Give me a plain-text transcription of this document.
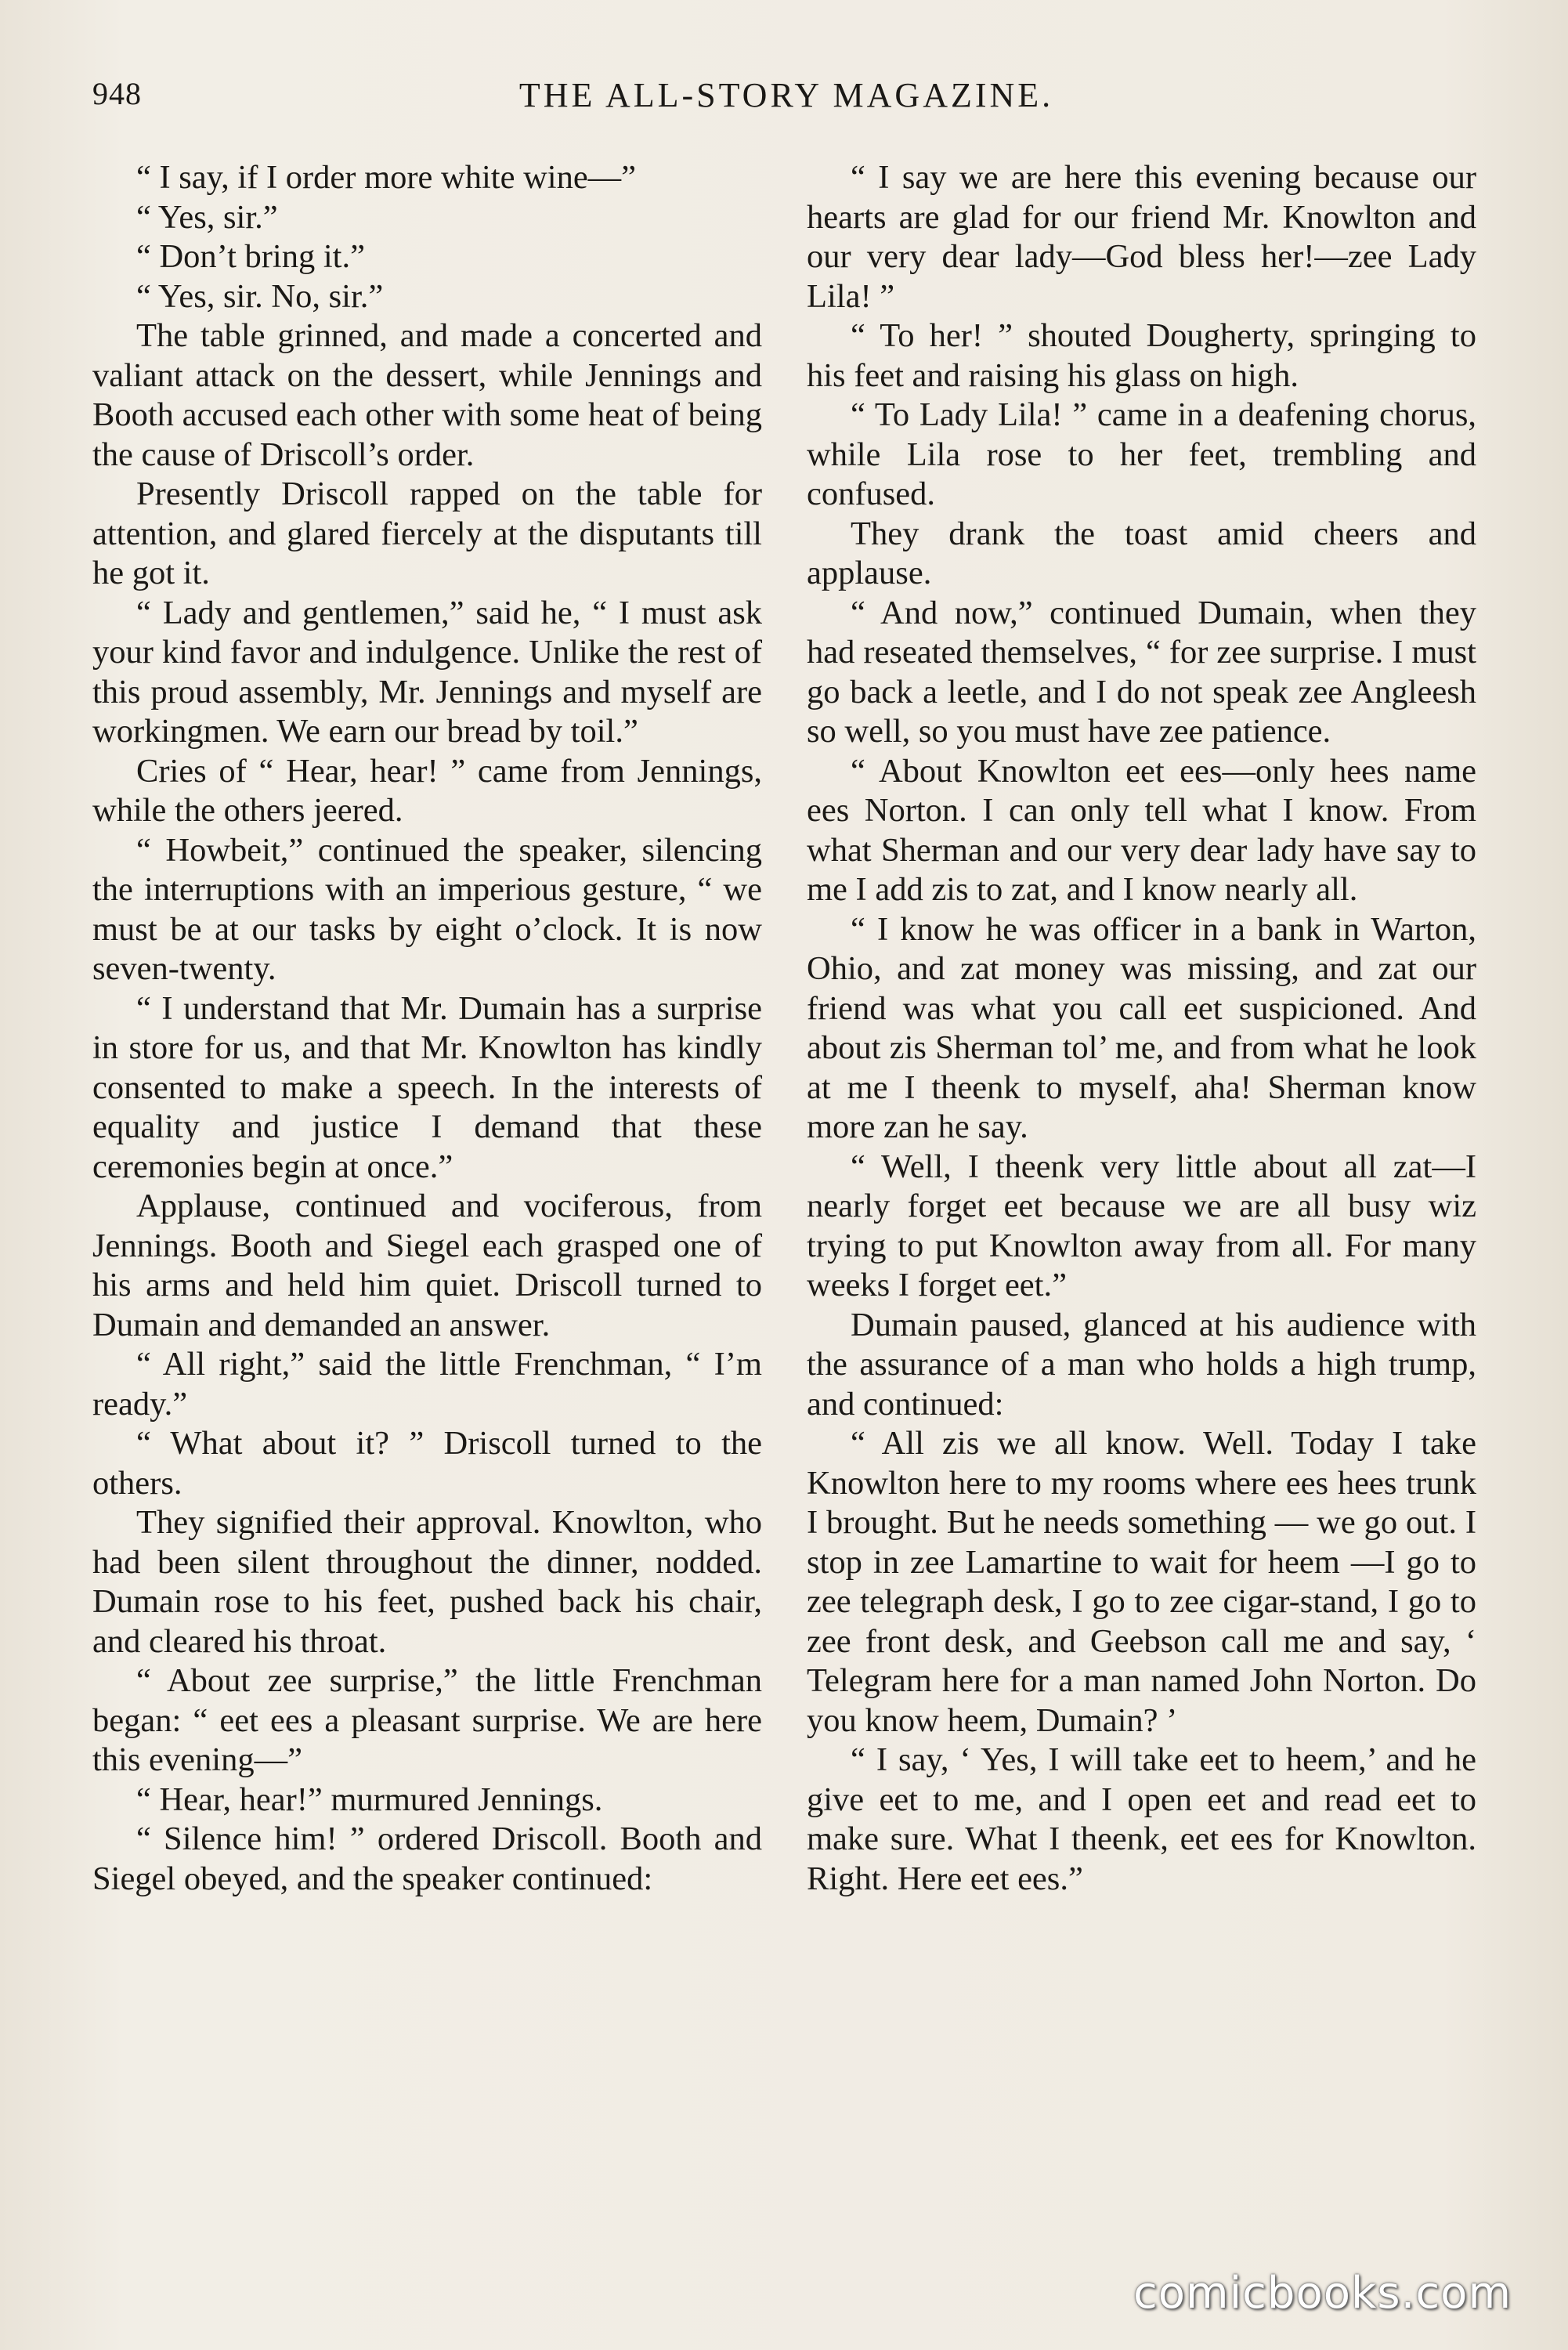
948	THE ALL-STORY MAGAZINE.

“ I say, if I order more white wine—”

“ Yes, sir.”

“ Don’t bring it.”

“ Yes, sir. No, sir.”

The table grinned, and made a concerted and valiant attack on the dessert, while Jennings and Booth accused each other with some heat of being the cause of Driscoll’s order.

Presently Driscoll rapped on the table for attention, and glared fiercely at the disputants till he got it.

“ Lady and gentlemen,” said he, “ I must ask your kind favor and indulgence. Unlike the rest of this proud assembly, Mr. Jennings and myself are workingmen. We earn our bread by toil.”

Cries of “ Hear, hear! ” came from Jennings, while the others jeered.

“ Howbeit,” continued the speaker, silencing the interruptions with an imperious gesture, “ we must be at our tasks by eight o’clock. It is now seven-twenty.

“ I understand that Mr. Dumain has a surprise in store for us, and that Mr. Knowlton has kindly consented to make a speech. In the interests of equality and justice I demand that these ceremonies begin at once.”

Applause, continued and vociferous, from Jennings. Booth and Siegel each grasped one of his arms and held him quiet. Driscoll turned to Dumain and demanded an answer.

“ All right,” said the little Frenchman, “ I’m ready.”

“ What about it? ” Driscoll turned to the others.

They signified their approval. Knowlton, who had been silent throughout the dinner, nodded. Dumain rose to his feet, pushed back his chair, and cleared his throat.

“ About zee surprise,” the little Frenchman began: “ eet ees a pleasant surprise. We are here this evening—”

“ Hear, hear!” murmured Jennings.

“ Silence him! ” ordered Driscoll. Booth and Siegel obeyed, and the speaker continued:

“ I say we are here this evening because our hearts are glad for our friend Mr. Knowlton and our very dear lady—God bless her!—zee Lady Lila! ”

“ To her! ” shouted Dougherty, springing to his feet and raising his glass on high.

“ To Lady Lila! ” came in a deafening chorus, while Lila rose to her feet, trembling and confused.

They drank the toast amid cheers and applause.

“ And now,” continued Dumain, when they had reseated themselves, “ for zee surprise. I must go back a leetle, and I do not speak zee Angleesh so well, so you must have zee patience.

“ About Knowlton eet ees—only hees name ees Norton. I can only tell what I know. From what Sherman and our very dear lady have say to me I add zis to zat, and I know nearly all.

“ I know he was officer in a bank in Warton, Ohio, and zat money was missing, and zat our friend was what you call eet suspicioned. And about zis Sherman tol’ me, and from what he look at me I theenk to myself, aha! Sherman know more zan he say.

“ Well, I theenk very little about all zat—I nearly forget eet because we are all busy wiz trying to put Knowlton away from all. For many weeks I forget eet.”

Dumain paused, glanced at his audience with the assurance of a man who holds a high trump, and continued:

“ All zis we all know. Well. Today I take Knowlton here to my rooms where ees hees trunk I brought. But he needs something — we go out. I stop in zee Lamartine to wait for heem —I go to zee telegraph desk, I go to zee cigar-stand, I go to zee front desk, and Geebson call me and say, ‘ Telegram here for a man named John Norton. Do you know heem, Dumain? ’

“ I say, ‘ Yes, I will take eet to heem,’ and he give eet to me, and I open eet and read eet to make sure. What I theenk, eet ees for Knowlton. Right. Here eet ees.”

comicbooks.com
